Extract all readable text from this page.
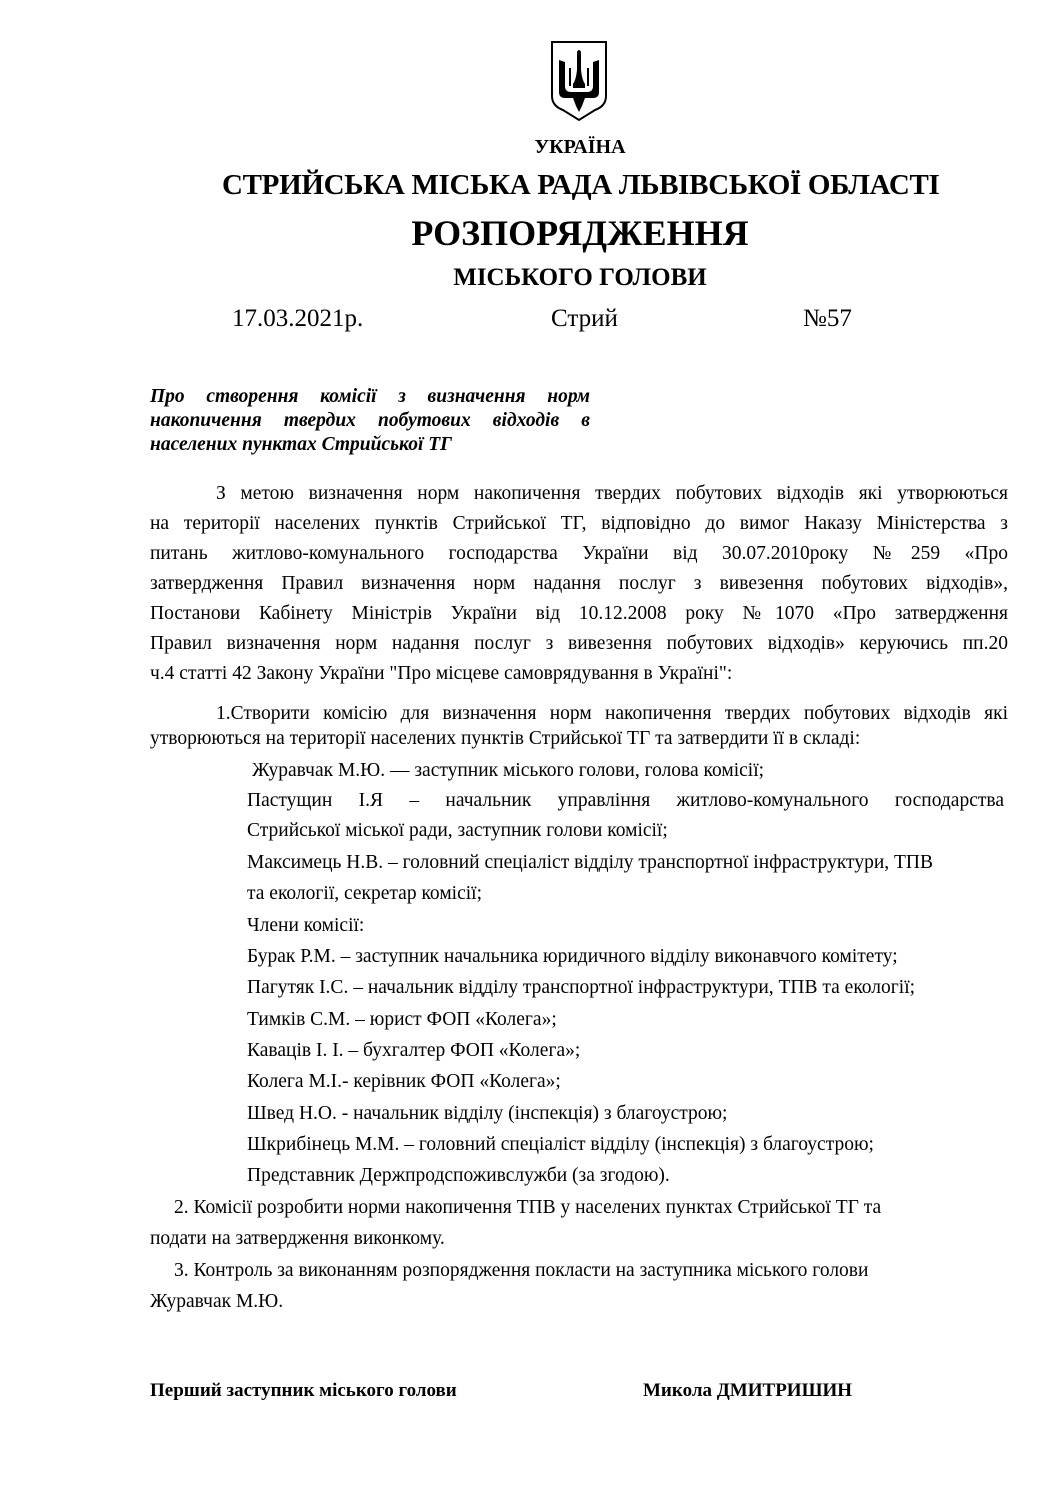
УКРАЇНА
СТРИЙСЬКА МІСЬКА РАДА ЛЬВІВСЬКОЇ ОБЛАСТІ
РОЗПОРЯДЖЕННЯ
МІСЬКОГО ГОЛОВИ
17.03.2021р.	Стрий	№57
Про створення комісії з визначення норм
накопичення твердих побутових відходів в
населених пунктах Стрийської ТГ
З метою визначення норм накопичення твердих побутових відходів які утворюються
на території населених пунктів Стрийської ТГ, відповідно до вимог Наказу Міністерства з
питань житлово-комунального господарства України від 30.07.2010року №259 «Про
затвердження Правил визначення норм надання послуг з вивезення побутових відходів»,
Постанови Кабінету Міністрів України від 10.12.2008 року №1070 «Про затвердження
Правил визначення норм надання послуг з вивезення побутових відходів» керуючись пп.20
ч.4 статті 42 Закону України "Про місцеве самоврядування в Україні":
1.Створити комісію для визначення норм накопичення твердих побутових відходів які
утворюються на території населених пунктів Стрийської ТГ та затвердити її в складі:
Журавчак М.Ю. — заступник міського голови, голова комісії;
Пастущин І.Я – начальник управління житлово-комунального господарства
Стрийської міської ради, заступник голови комісії;
Максимець Н.В. – головний спеціаліст відділу транспортної інфраструктури, ТПВ
та екології, секретар комісії;
Члени комісії:
Бурак Р.М. – заступник начальника юридичного відділу виконавчого комітету;
Пагутяк І.С. – начальник відділу транспортної інфраструктури, ТПВ та екології;
Тимків С.М. – юрист ФОП «Колега»;
Кавацiв І. І. – бухгалтер ФОП «Колега»;
Колега М.І.- керівник ФОП «Колега»;
Швед Н.О. - начальник відділу (інспекція) з благоустрою;
Шкрибінець М.М. – головний спеціаліст відділу (інспекція) з благоустрою;
Представник Держпродспоживслужби (за згодою).
2. Комісії розробити норми накопичення ТПВ у населених пунктах Стрийської ТГ та
подати на затвердження виконкому.
3. Контроль за виконанням розпорядження покласти на заступника міського голови
Журавчак М.Ю.
Перший заступник міського голови	Микола ДМИТРИШИН
